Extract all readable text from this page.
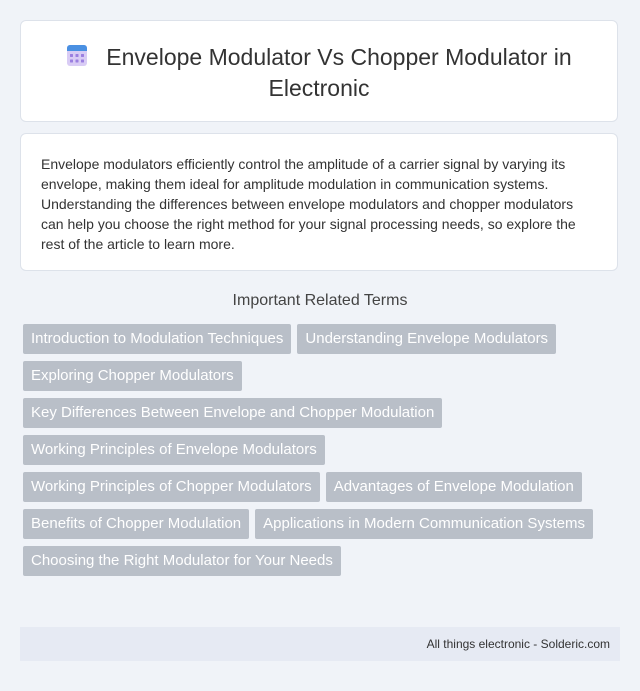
Envelope Modulator Vs Chopper Modulator in Electronic
Envelope modulators efficiently control the amplitude of a carrier signal by varying its envelope, making them ideal for amplitude modulation in communication systems. Understanding the differences between envelope modulators and chopper modulators can help you choose the right method for your signal processing needs, so explore the rest of the article to learn more.
Important Related Terms
Introduction to Modulation Techniques	Understanding Envelope Modulators
Exploring Chopper Modulators
Key Differences Between Envelope and Chopper Modulation
Working Principles of Envelope Modulators
Working Principles of Chopper Modulators	Advantages of Envelope Modulation
Benefits of Chopper Modulation	Applications in Modern Communication Systems
Choosing the Right Modulator for Your Needs
All things electronic - Solderic.com
